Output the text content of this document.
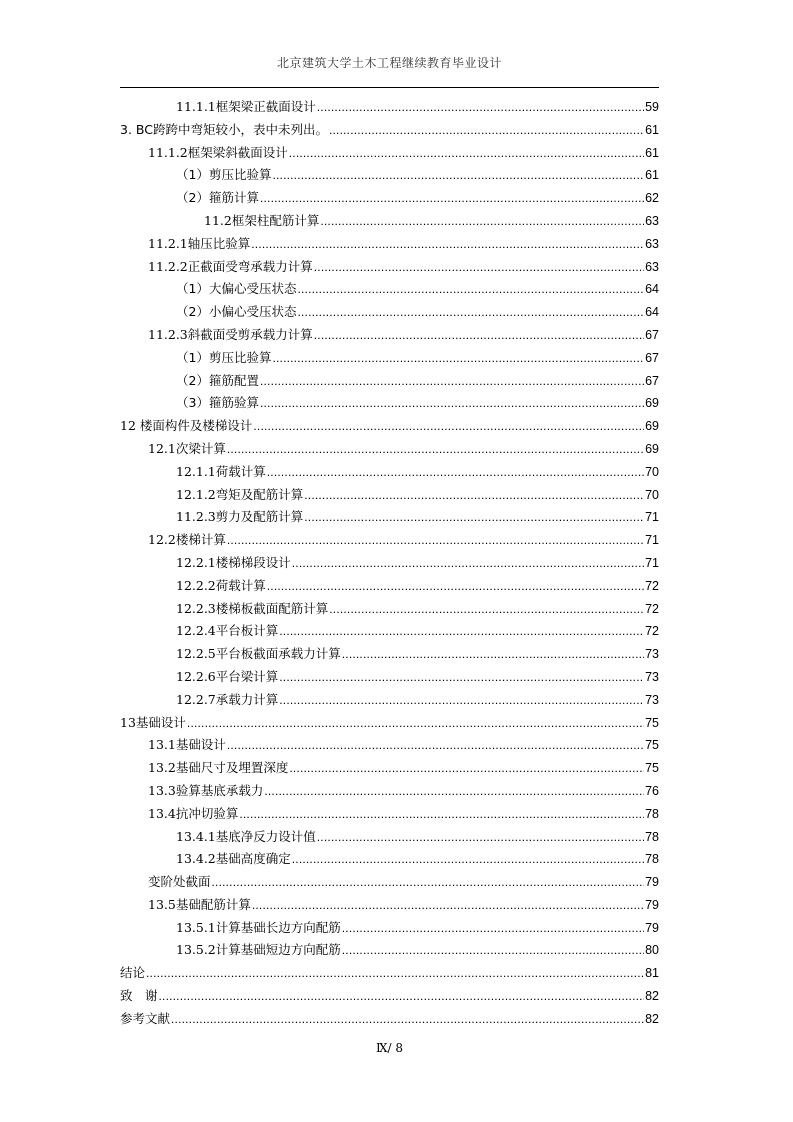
北京建筑大学土木工程继续教育毕业设计
11.1.1框架梁正截面设计 .....	59
3. BC跨跨中弯矩较小，表中未列出。 .....	61
11.1.2框架梁斜截面设计 .....	61
（1）剪压比验算 .....	61
（2）箍筋计算 .....	62
11.2框架柱配筋计算 .....	63
11.2.1轴压比验算 .....	63
11.2.2正截面受弯承载力计算 .....	63
（1）大偏心受压状态 .....	64
（2）小偏心受压状态 .....	64
11.2.3斜截面受剪承载力计算 .....	67
（1）剪压比验算 .....	67
（2）箍筋配置 .....	67
（3）箍筋验算 .....	69
12 楼面构件及楼梯设计 .....	69
12.1次梁计算 .....	69
12.1.1荷载计算 .....	70
12.1.2弯矩及配筋计算 .....	70
11.2.3剪力及配筋计算 .....	71
12.2楼梯计算 .....	71
12.2.1楼梯梯段设计 .....	71
12.2.2荷载计算 .....	72
12.2.3楼梯板截面配筋计算 .....	72
12.2.4平台板计算 .....	72
12.2.5平台板截面承载力计算 .....	73
12.2.6平台梁计算 .....	73
12.2.7承载力计算 .....	73
13基础设计 .....	75
13.1基础设计 .....	75
13.2基础尺寸及埋置深度 .....	75
13.3验算基底承载力 .....	76
13.4抗冲切验算 .....	78
13.4.1基底净反力设计值 .....	78
13.4.2基础高度确定 .....	78
变阶处截面 .....	79
13.5基础配筋计算 .....	79
13.5.1计算基础长边方向配筋 .....	79
13.5.2计算基础短边方向配筋 .....	80
结论 .....	81
致　谢 .....	82
参考文献 .....	82
Ⅸ/ 8
